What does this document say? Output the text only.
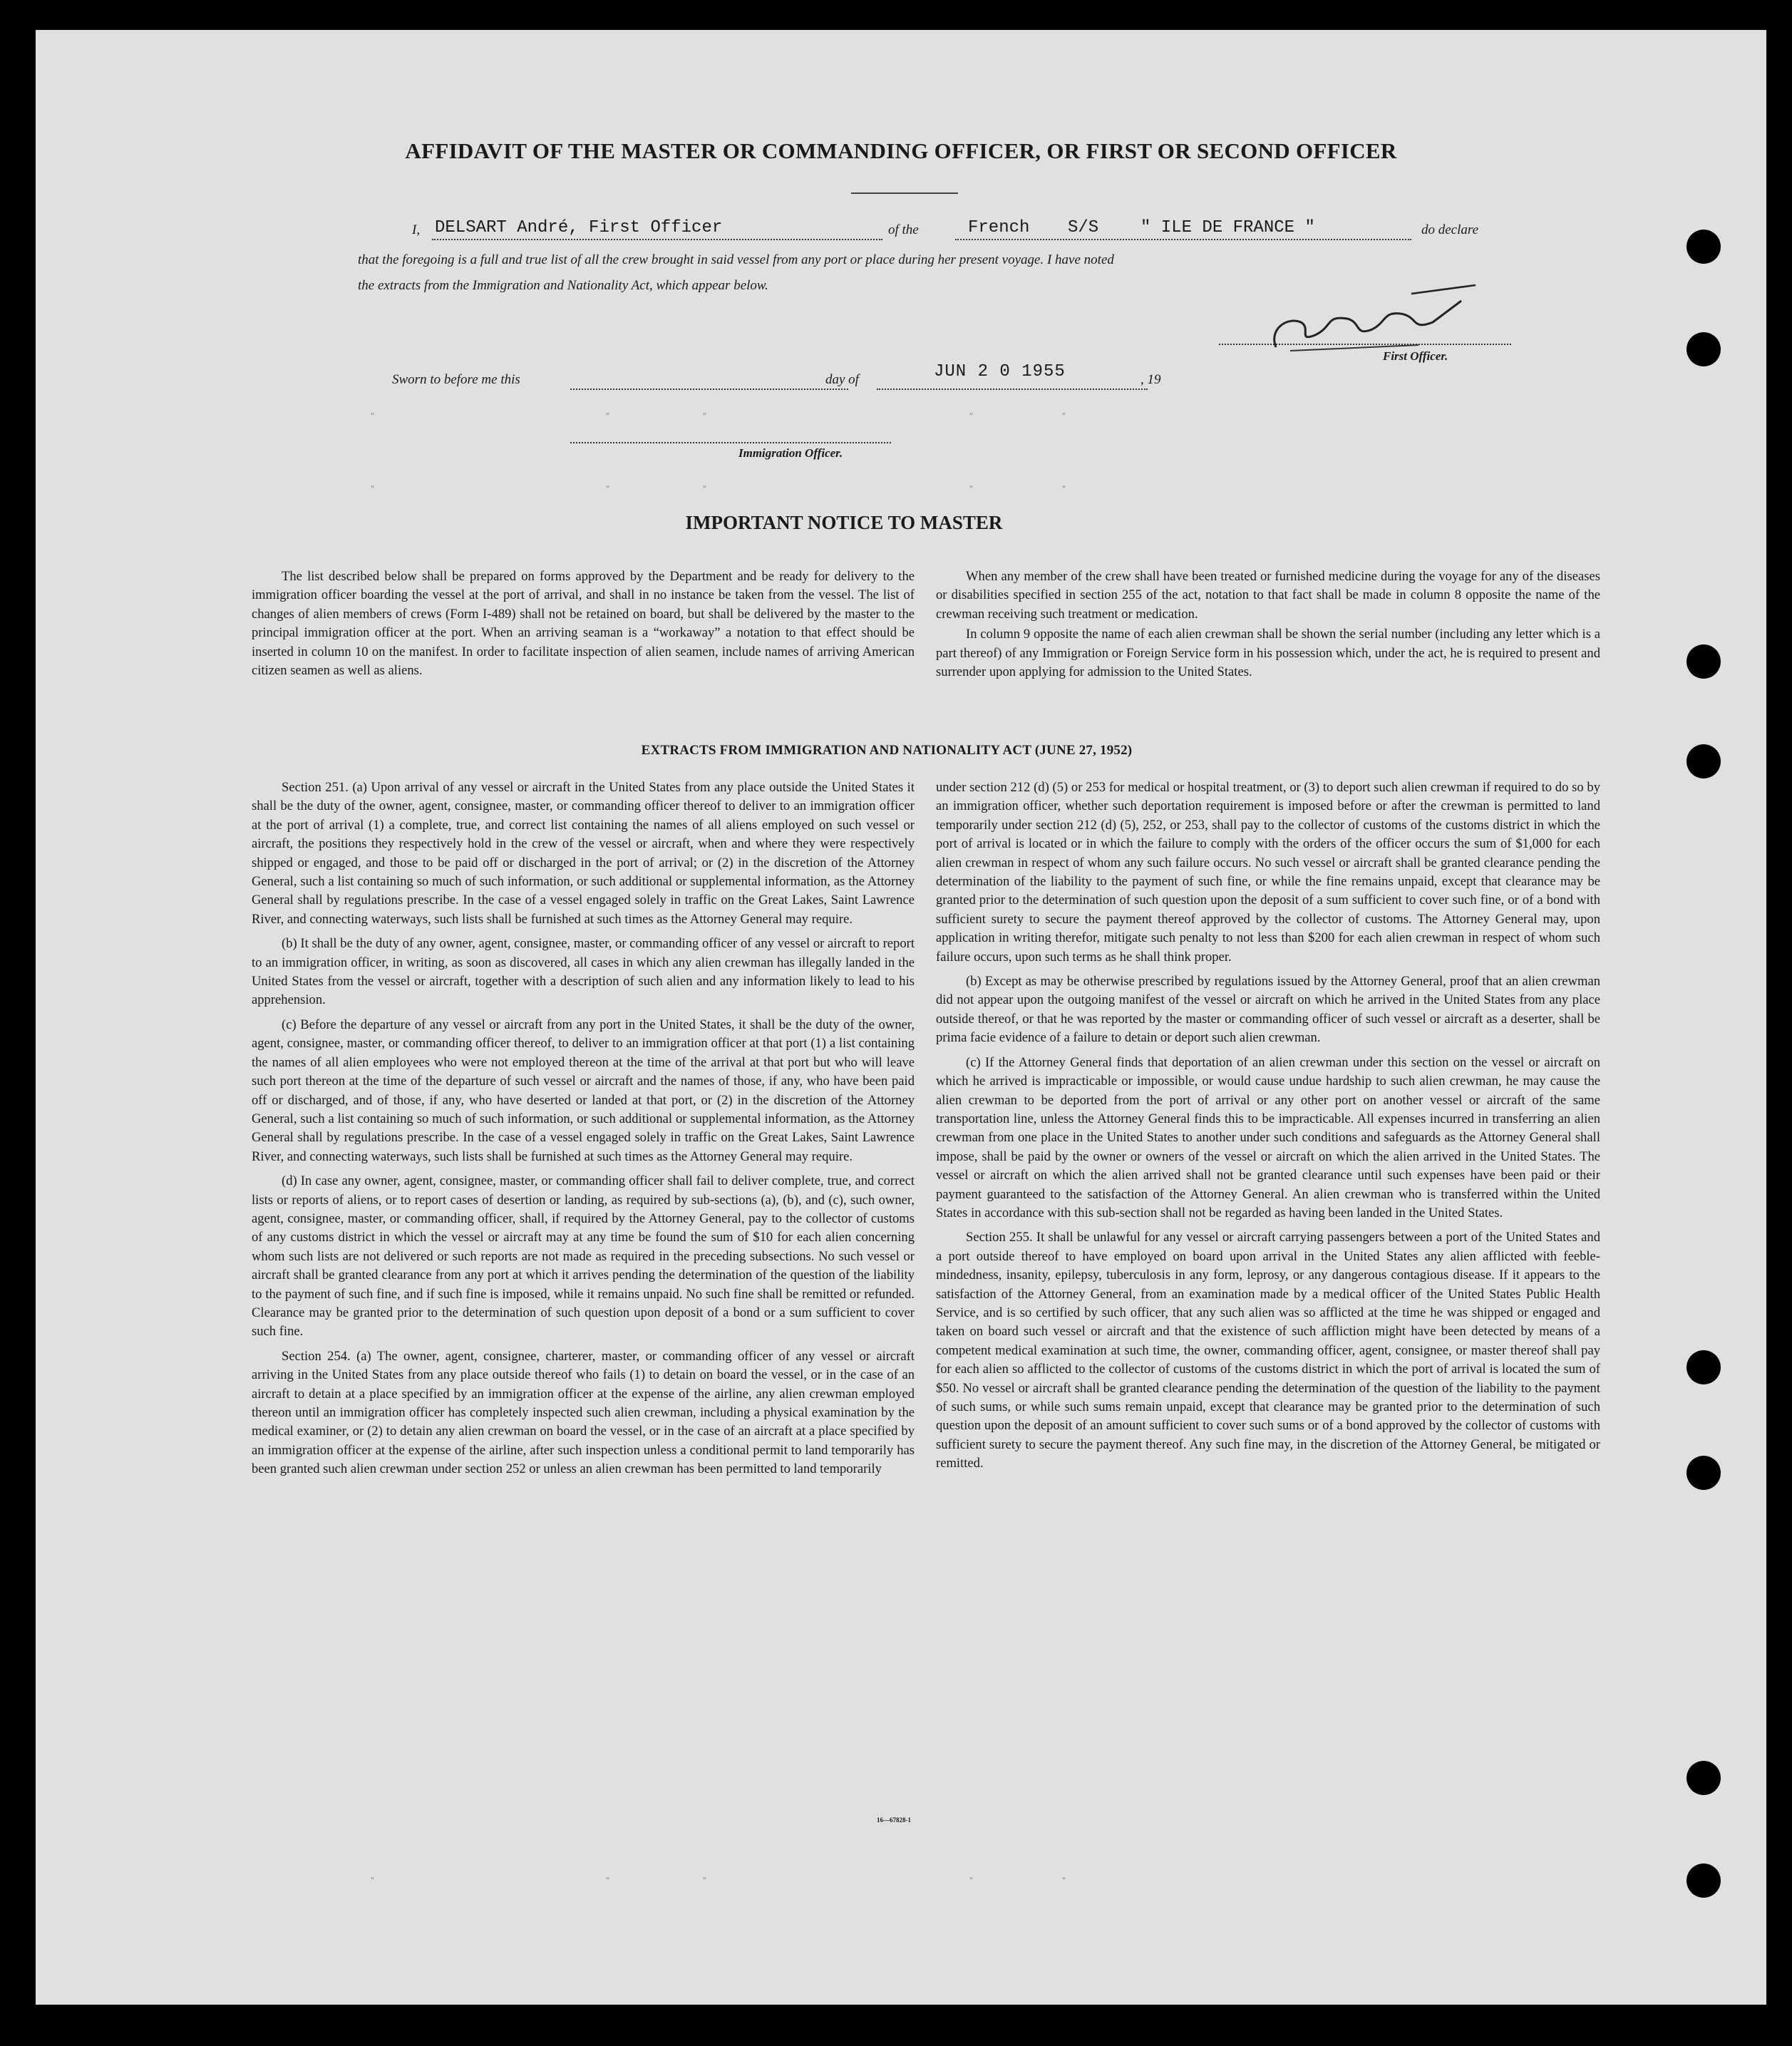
AFFIDAVIT OF THE MASTER OR COMMANDING OFFICER, OR FIRST OR SECOND OFFICER
I, DELSART André, First Officer	of the	French S/S " ILE DE FRANCE "	do declare
that the foregoing is a full and true list of all the crew brought in said vessel from any port or place during her present voyage. I have noted
the extracts from the Immigration and Nationality Act, which appear below.
First Officer.
Sworn to before me this	day of	JUN 2 0 1955	, 19
Immigration Officer.
"	"	"	"	"
"	"	"	"	"
"	"	"	"	"
IMPORTANT NOTICE TO MASTER

The list described below shall be prepared on forms approved by the Department and be ready for delivery to the immigration officer boarding the vessel at the port of arrival, and shall in no instance be taken from the vessel. The list of changes of alien members of crews (Form I-489) shall not be retained on board, but shall be delivered by the master to the principal immigration officer at the port. When an arriving seaman is a “workaway” a notation to that effect should be inserted in column 10 on the manifest. In order to facilitate inspection of alien seamen, include names of arriving American citizen seamen as well as aliens.

When any member of the crew shall have been treated or furnished medicine during the voyage for any of the diseases or disabilities specified in section 255 of the act, notation to that fact shall be made in column 8 opposite the name of the crewman receiving such treatment or medication.

In column 9 opposite the name of each alien crewman shall be shown the serial number (including any letter which is a part thereof) of any Immigration or Foreign Service form in his possession which, under the act, he is required to present and surrender upon applying for admission to the United States.

EXTRACTS FROM IMMIGRATION AND NATIONALITY ACT (JUNE 27, 1952)

Section 251. (a) Upon arrival of any vessel or aircraft in the United States from any place outside the United States it shall be the duty of the owner, agent, consignee, master, or commanding officer thereof to deliver to an immigration officer at the port of arrival (1) a complete, true, and correct list containing the names of all aliens employed on such vessel or aircraft, the positions they respectively hold in the crew of the vessel or aircraft, when and where they were respectively shipped or engaged, and those to be paid off or discharged in the port of arrival; or (2) in the discretion of the Attorney General, such a list containing so much of such information, or such additional or supplemental information, as the Attorney General shall by regulations prescribe. In the case of a vessel engaged solely in traffic on the Great Lakes, Saint Lawrence River, and connecting waterways, such lists shall be furnished at such times as the Attorney General may require.

(b) It shall be the duty of any owner, agent, consignee, master, or commanding officer of any vessel or aircraft to report to an immigration officer, in writing, as soon as discovered, all cases in which any alien crewman has illegally landed in the United States from the vessel or aircraft, together with a description of such alien and any information likely to lead to his apprehension.

(c) Before the departure of any vessel or aircraft from any port in the United States, it shall be the duty of the owner, agent, consignee, master, or commanding officer thereof, to deliver to an immigration officer at that port (1) a list containing the names of all alien employees who were not employed thereon at the time of the arrival at that port but who will leave such port thereon at the time of the departure of such vessel or aircraft and the names of those, if any, who have been paid off or discharged, and of those, if any, who have deserted or landed at that port, or (2) in the discretion of the Attorney General, such a list containing so much of such information, or such additional or supplemental information, as the Attorney General shall by regulations prescribe. In the case of a vessel engaged solely in traffic on the Great Lakes, Saint Lawrence River, and connecting waterways, such lists shall be furnished at such times as the Attorney General may require.

(d) In case any owner, agent, consignee, master, or commanding officer shall fail to deliver complete, true, and correct lists or reports of aliens, or to report cases of desertion or landing, as required by sub-sections (a), (b), and (c), such owner, agent, consignee, master, or commanding officer, shall, if required by the Attorney General, pay to the collector of customs of any customs district in which the vessel or aircraft may at any time be found the sum of $10 for each alien concerning whom such lists are not delivered or such reports are not made as required in the preceding subsections. No such vessel or aircraft shall be granted clearance from any port at which it arrives pending the determination of the question of the liability to the payment of such fine, and if such fine is imposed, while it remains unpaid. No such fine shall be remitted or refunded. Clearance may be granted prior to the determination of such question upon deposit of a bond or a sum sufficient to cover such fine.

Section 254. (a) The owner, agent, consignee, charterer, master, or commanding officer of any vessel or aircraft arriving in the United States from any place outside thereof who fails (1) to detain on board the vessel, or in the case of an aircraft to detain at a place specified by an immigration officer at the expense of the airline, any alien crewman employed thereon until an immigration officer has completely inspected such alien crewman, including a physical examination by the medical examiner, or (2) to detain any alien crewman on board the vessel, or in the case of an aircraft at a place specified by an immigration officer at the expense of the airline, after such inspection unless a conditional permit to land temporarily has been granted such alien crewman under section 252 or unless an alien crewman has been permitted to land temporarily

under section 212 (d) (5) or 253 for medical or hospital treatment, or (3) to deport such alien crewman if required to do so by an immigration officer, whether such deportation requirement is imposed before or after the crewman is permitted to land temporarily under section 212 (d) (5), 252, or 253, shall pay to the collector of customs of the customs district in which the port of arrival is located or in which the failure to comply with the orders of the officer occurs the sum of $1,000 for each alien crewman in respect of whom any such failure occurs. No such vessel or aircraft shall be granted clearance pending the determination of the liability to the payment of such fine, or while the fine remains unpaid, except that clearance may be granted prior to the determination of such question upon the deposit of a sum sufficient to cover such fine, or of a bond with sufficient surety to secure the payment thereof approved by the collector of customs. The Attorney General may, upon application in writing therefor, mitigate such penalty to not less than $200 for each alien crewman in respect of whom such failure occurs, upon such terms as he shall think proper.

(b) Except as may be otherwise prescribed by regulations issued by the Attorney General, proof that an alien crewman did not appear upon the outgoing manifest of the vessel or aircraft on which he arrived in the United States from any place outside thereof, or that he was reported by the master or commanding officer of such vessel or aircraft as a deserter, shall be prima facie evidence of a failure to detain or deport such alien crewman.

(c) If the Attorney General finds that deportation of an alien crewman under this section on the vessel or aircraft on which he arrived is impracticable or impossible, or would cause undue hardship to such alien crewman, he may cause the alien crewman to be deported from the port of arrival or any other port on another vessel or aircraft of the same transportation line, unless the Attorney General finds this to be impracticable. All expenses incurred in transferring an alien crewman from one place in the United States to another under such conditions and safeguards as the Attorney General shall impose, shall be paid by the owner or owners of the vessel or aircraft on which the alien arrived in the United States. The vessel or aircraft on which the alien arrived shall not be granted clearance until such expenses have been paid or their payment guaranteed to the satisfaction of the Attorney General. An alien crewman who is transferred within the United States in accordance with this sub-section shall not be regarded as having been landed in the United States.

Section 255. It shall be unlawful for any vessel or aircraft carrying passengers between a port of the United States and a port outside thereof to have employed on board upon arrival in the United States any alien afflicted with feeble-mindedness, insanity, epilepsy, tuberculosis in any form, leprosy, or any dangerous contagious disease. If it appears to the satisfaction of the Attorney General, from an examination made by a medical officer of the United States Public Health Service, and is so certified by such officer, that any such alien was so afflicted at the time he was shipped or engaged and taken on board such vessel or aircraft and that the existence of such affliction might have been detected by means of a competent medical examination at such time, the owner, commanding officer, agent, consignee, or master thereof shall pay for each alien so afflicted to the collector of customs of the customs district in which the port of arrival is located the sum of $50. No vessel or aircraft shall be granted clearance pending the determination of the question of the liability to the payment of such sums, or while such sums remain unpaid, except that clearance may be granted prior to the determination of such question upon the deposit of an amount sufficient to cover such sums or of a bond approved by the collector of customs with sufficient surety to secure the payment thereof. Any such fine may, in the discretion of the Attorney General, be mitigated or remitted.

16—67828-1
